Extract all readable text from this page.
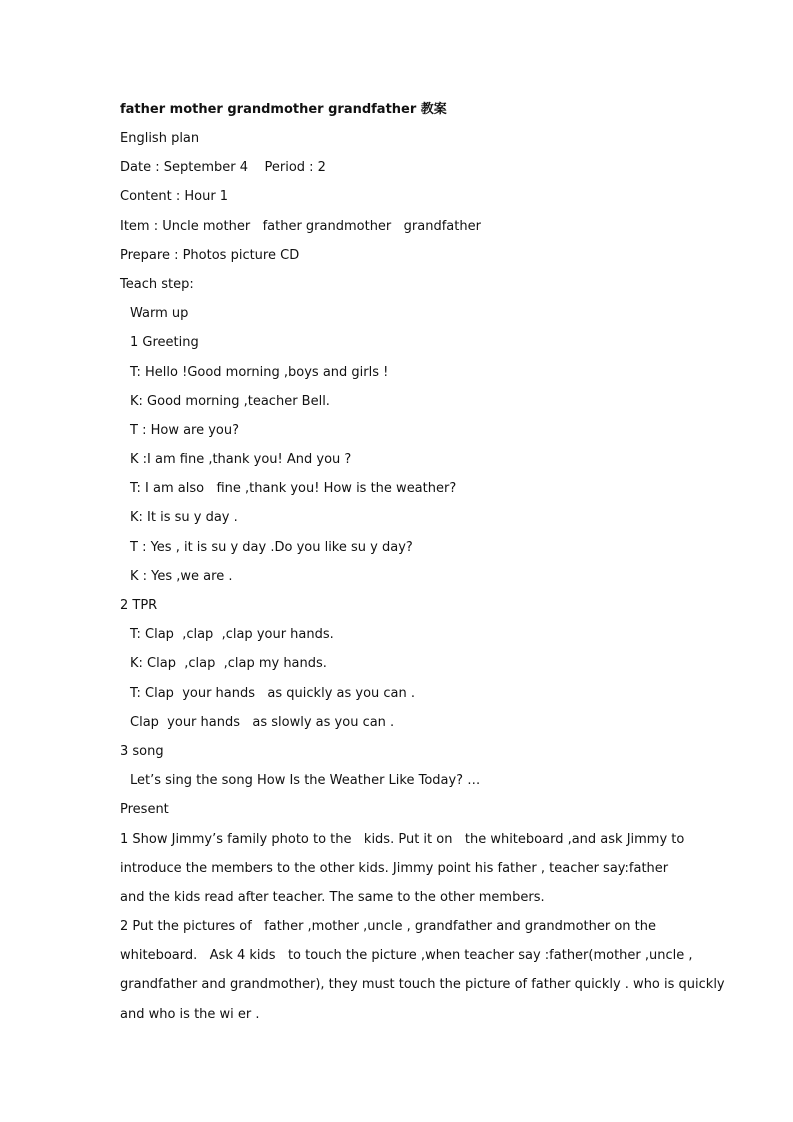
father mother grandmother grandfather 教案
English plan
Date : September 4    Period : 2
Content : Hour 1
Item : Uncle mother   father grandmother   grandfather
Prepare : Photos picture CD
Teach step:
Warm up
1 Greeting
T: Hello !Good morning ,boys and girls !
K: Good morning ,teacher Bell.
T : How are you?
K :I am fine ,thank you! And you ?
T: I am also   fine ,thank you! How is the weather?
K: It is su y day .
T : Yes , it is su y day .Do you like su y day?
K : Yes ,we are .
2 TPR
T: Clap  ,clap  ,clap your hands.
K: Clap  ,clap  ,clap my hands.
T: Clap  your hands   as quickly as you can .
Clap  your hands   as slowly as you can .
3 song
Let’s sing the song How Is the Weather Like Today? …
Present
1 Show Jimmy’s family photo to the   kids. Put it on   the whiteboard ,and ask Jimmy to
introduce the members to the other kids. Jimmy point his father , teacher say:father
and the kids read after teacher. The same to the other members.
2 Put the pictures of   father ,mother ,uncle , grandfather and grandmother on the
whiteboard.   Ask 4 kids   to touch the picture ,when teacher say :father(mother ,uncle ,
grandfather and grandmother), they must touch the picture of father quickly . who is quickly
and who is the wi er .
